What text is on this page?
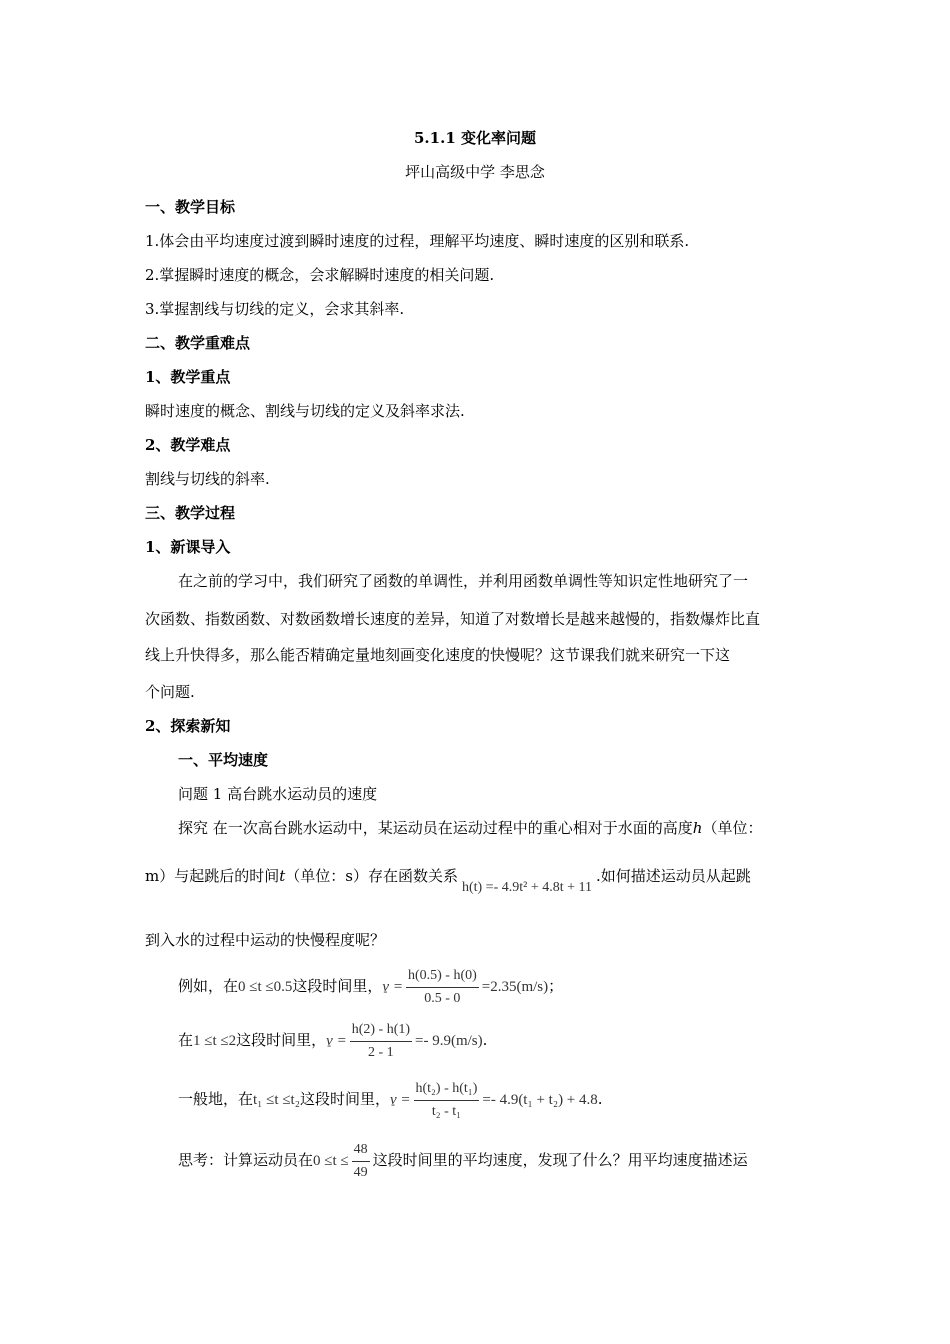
5.1.1 变化率问题
坪山高级中学 李思念
一、教学目标
1.体会由平均速度过渡到瞬时速度的过程，理解平均速度、瞬时速度的区别和联系.
2.掌握瞬时速度的概念，会求解瞬时速度的相关问题.
3.掌握割线与切线的定义，会求其斜率.
二、教学重难点
1、教学重点
瞬时速度的概念、割线与切线的定义及斜率求法.
2、教学难点
割线与切线的斜率.
三、教学过程
1、新课导入
在之前的学习中，我们研究了函数的单调性，并利用函数单调性等知识定性地研究了一
次函数、指数函数、对数函数增长速度的差异，知道了对数增长是越来越慢的，指数爆炸比直
线上升快得多，那么能否精确定量地刻画变化速度的快慢呢？这节课我们就来研究一下这
个问题.
2、探索新知
一、平均速度
问题 1 高台跳水运动员的速度
探究 在一次高台跳水运动中，某运动员在运动过程中的重心相对于水面的高度h（单位：
m）与起跳后的时间t（单位：s）存在函数关系h(t) =- 4.9t² + 4.8t + 11.如何描述运动员从起跳
到入水的过程中运动的快慢程度呢？
例如，在0 ≤t ≤0.5这段时间里，- $v = \frac{h(0.5) - h(0)}{0.5 - 0} =2.35(m/s)$；
在1 ≤t ≤2这段时间里，- $v = \frac{h(2) - h(1)}{2 - 1} =- 9.9(m/s)$.
一般地，在t₁ ≤t ≤t₂这段时间里，- $v = \frac{\text{h(t₂) - h(t₁)}}{\text{t₂ - t₁}} =- 4.9(t_1 + t_2) + 4.8$.
思考：计算运动员在$0 \le t \le \frac{48}{49}$ 这段时间里的平均速度，发现了什么？用平均速度描述运
